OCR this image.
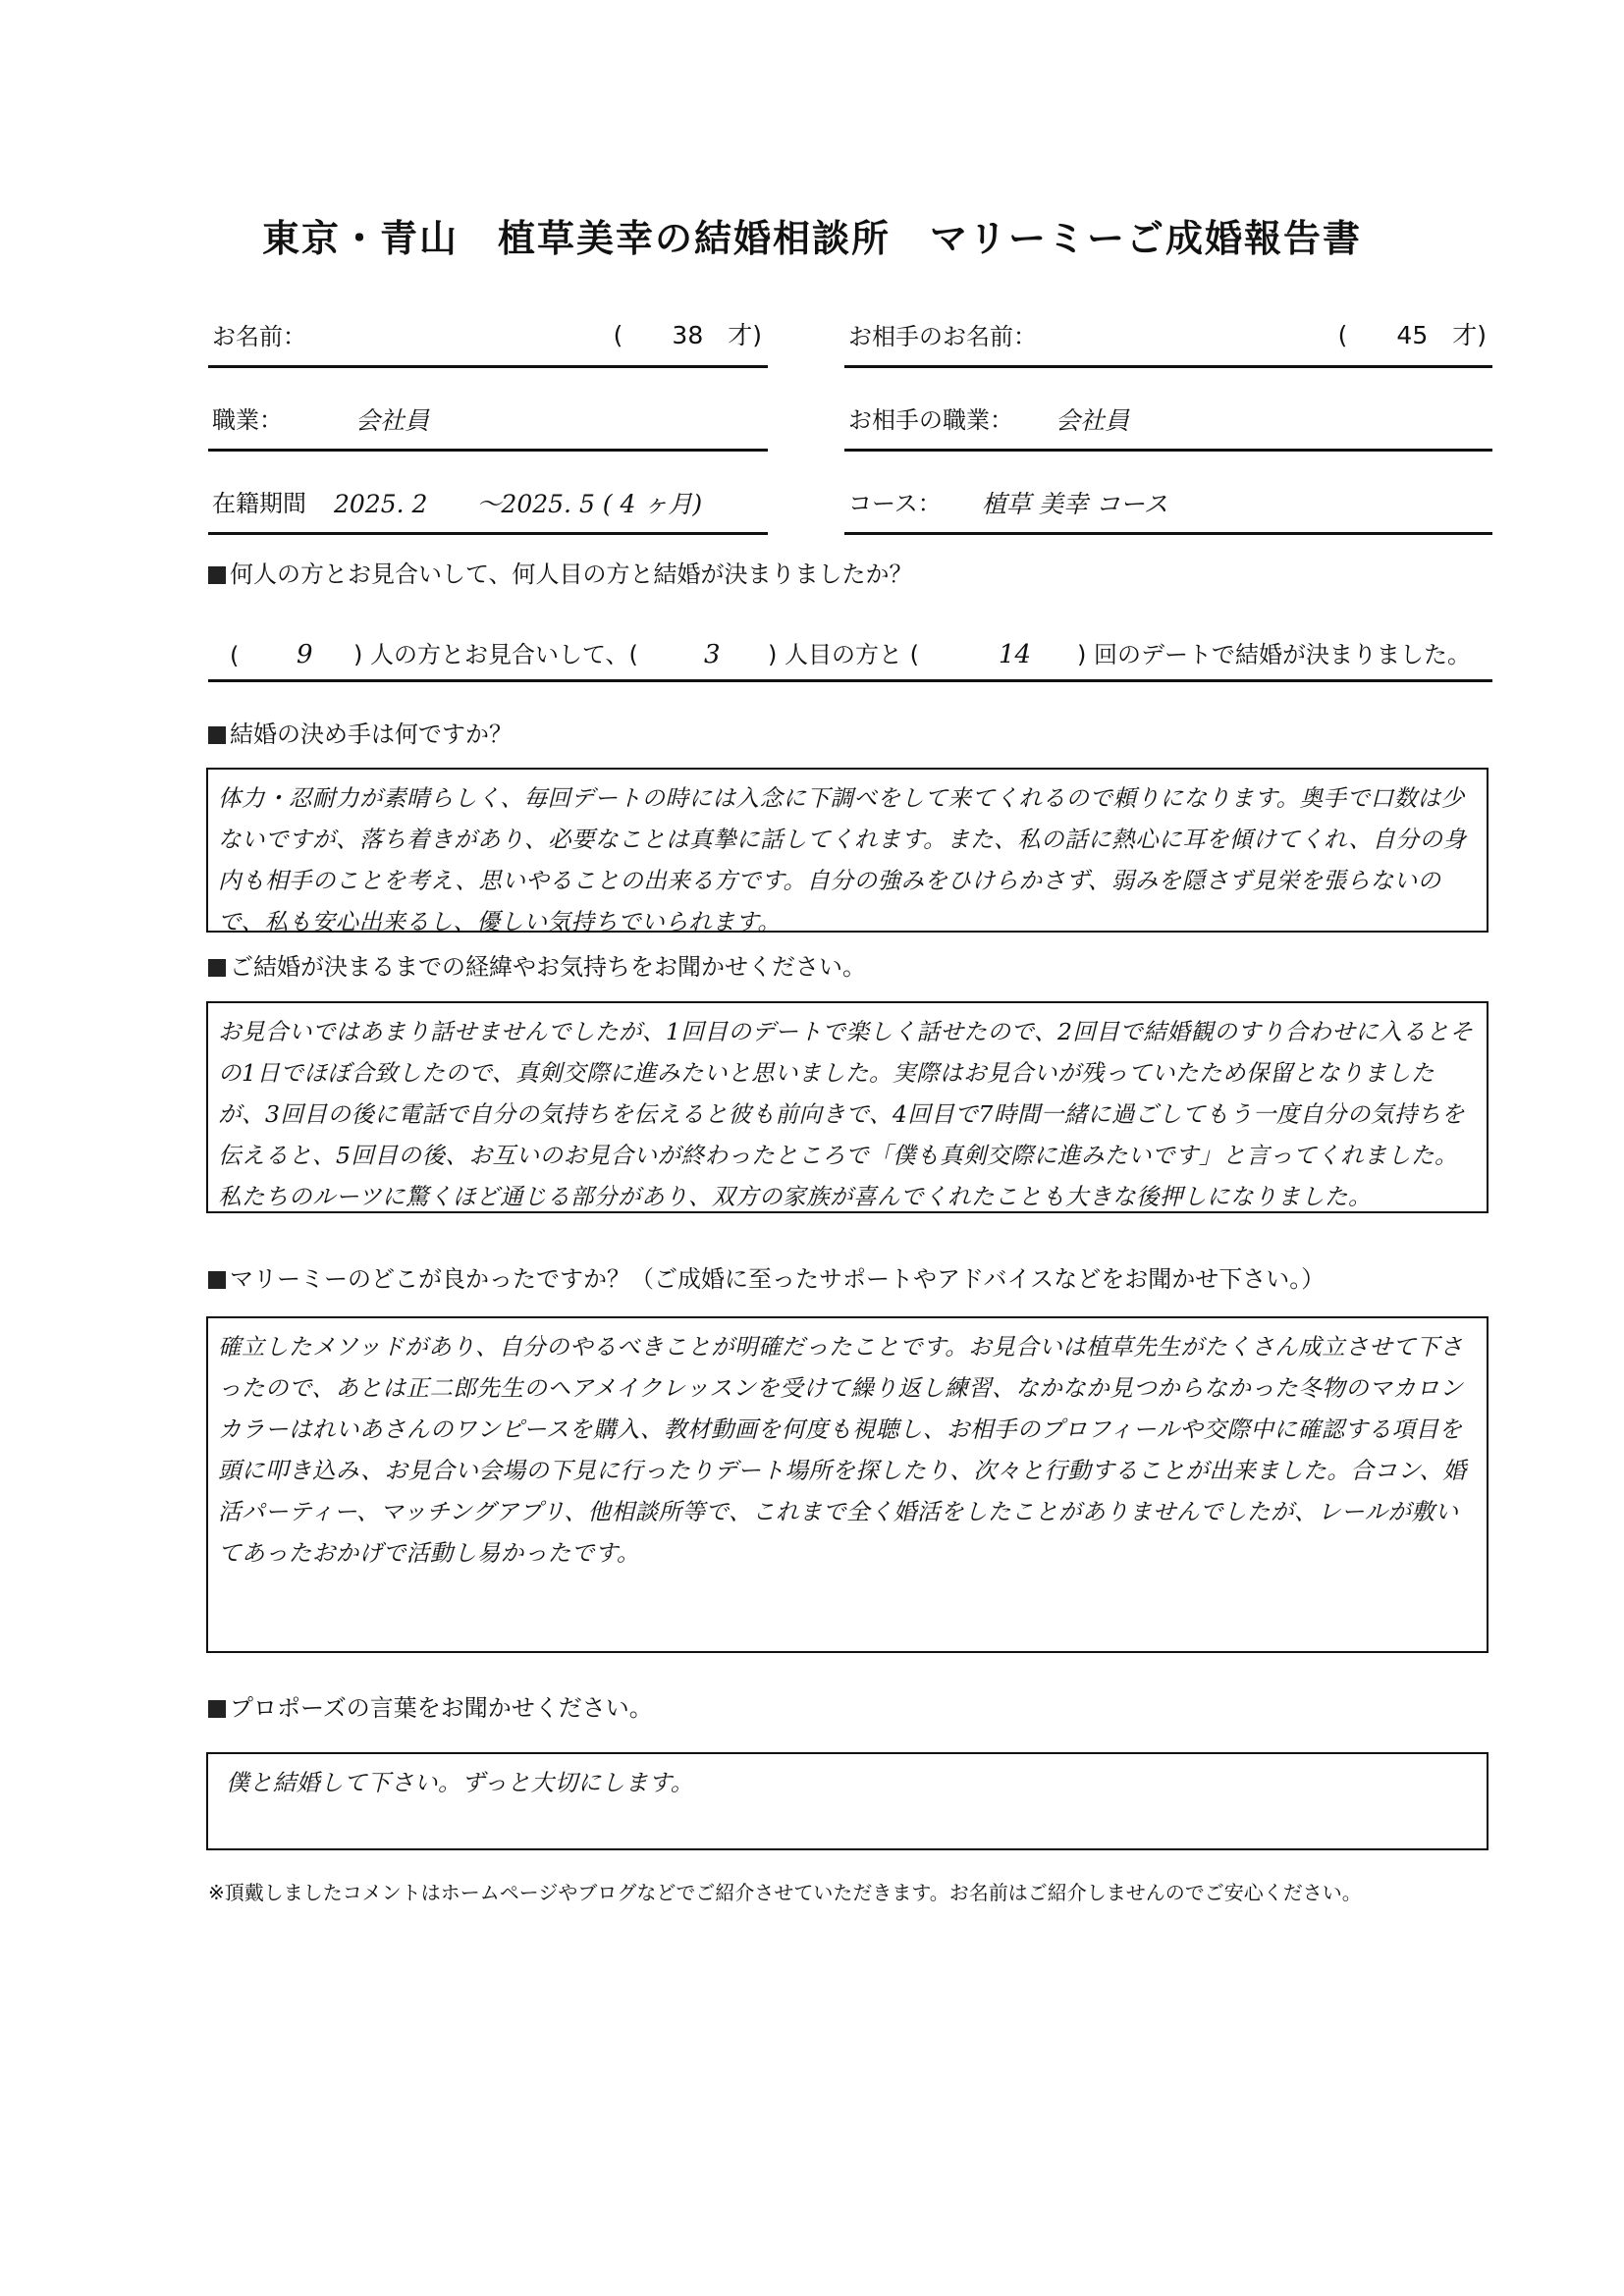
東京・青山　植草美幸の結婚相談所　マリーミーご成婚報告書
お名前：	(　　38　才)	お相手のお名前：	(　　45　才)
職業：	会社員	お相手の職業： 会社員
在籍期間 2025. 2　　～2025. 5 ( 4 ヶ月)	コース： 植草 美幸 コース
何人の方とお見合いして、何人目の方と結婚が決まりましたか？
( 9 ) 人の方とお見合いして、(	3 ) 人目の方と (	14 ) 回のデートで結婚が決まりました。
結婚の決め手は何ですか？
体力・忍耐力が素晴らしく、毎回デートの時には入念に下調べをして来てくれるので頼りになります。奥手で口数は少ないですが、落ち着きがあり、必要なことは真摯に話してくれます。また、私の話に熱心に耳を傾けてくれ、自分の身内も相手のことを考え、思いやることの出来る方です。自分の強みをひけらかさず、弱みを隠さず見栄を張らないので、私も安心出来るし、優しい気持ちでいられます。
ご結婚が決まるまでの経緯やお気持ちをお聞かせください。
お見合いではあまり話せませんでしたが、1回目のデートで楽しく話せたので、2回目で結婚観のすり合わせに入るとその1日でほぼ合致したので、真剣交際に進みたいと思いました。実際はお見合いが残っていたため保留となりましたが、3回目の後に電話で自分の気持ちを伝えると彼も前向きで、4回目で7時間一緒に過ごしてもう一度自分の気持ちを伝えると、5回目の後、お互いのお見合いが終わったところで「僕も真剣交際に進みたいです」と言ってくれました。私たちのルーツに驚くほど通じる部分があり、双方の家族が喜んでくれたことも大きな後押しになりました。
マリーミーのどこが良かったですか？（ご成婚に至ったサポートやアドバイスなどをお聞かせ下さい。）
確立したメソッドがあり、自分のやるべきことが明確だったことです。お見合いは植草先生がたくさん成立させて下さったので、あとは正二郎先生のヘアメイクレッスンを受けて繰り返し練習、なかなか見つからなかった冬物のマカロンカラーはれいあさんのワンピースを購入、教材動画を何度も視聴し、お相手のプロフィールや交際中に確認する項目を頭に叩き込み、お見合い会場の下見に行ったりデート場所を探したり、次々と行動することが出来ました。合コン、婚活パーティー、マッチングアプリ、他相談所等で、これまで全く婚活をしたことがありませんでしたが、レールが敷いてあったおかげで活動し易かったです。
プロポーズの言葉をお聞かせください。
僕と結婚して下さい。ずっと大切にします。
※頂戴しましたコメントはホームページやブログなどでご紹介させていただきます。お名前はご紹介しませんのでご安心ください。
